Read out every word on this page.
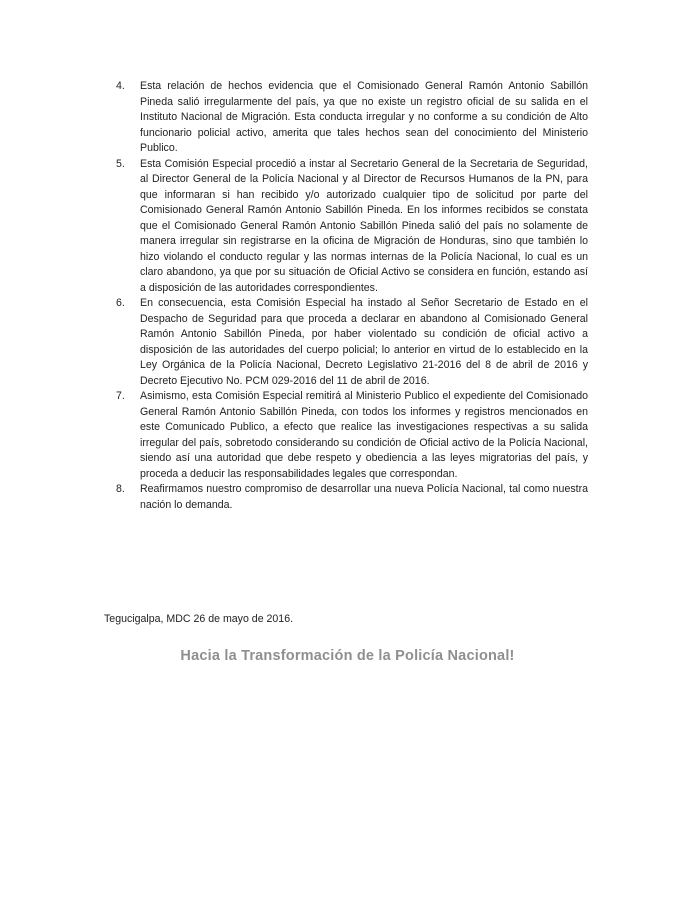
4.	Esta relación de hechos evidencia que el Comisionado General Ramón Antonio Sabillón Pineda salió irregularmente del país, ya que no existe un registro oficial de su salida en el Instituto Nacional de Migración. Esta conducta irregular y no conforme a su condición de Alto funcionario policial activo, amerita que tales hechos sean del conocimiento del Ministerio Publico.
5.	Esta Comisión Especial procedió a instar al Secretario General de la Secretaria de Seguridad, al Director General de la Policía Nacional y al Director de Recursos Humanos de la PN, para que informaran si han recibido y/o autorizado cualquier tipo de solicitud por parte del Comisionado General Ramón Antonio Sabillón Pineda. En los informes recibidos se constata que el Comisionado General Ramón Antonio Sabillón Pineda salió del país no solamente de manera irregular sin registrarse en la oficina de Migración de Honduras, sino que también lo hizo violando el conducto regular y las normas internas de la Policía Nacional, lo cual es un claro abandono, ya que por su situación de Oficial Activo se considera en función, estando así a disposición de las autoridades correspondientes.
6.	En consecuencia, esta Comisión Especial ha instado al Señor Secretario de Estado en el Despacho de Seguridad para que proceda a declarar en abandono al Comisionado General Ramón Antonio Sabillón Pineda, por haber violentado su condición de oficial activo a disposición de las autoridades del cuerpo policial; lo anterior en virtud de lo establecido en la Ley Orgánica de la Policía Nacional, Decreto Legislativo 21-2016 del 8 de abril de 2016 y Decreto Ejecutivo No. PCM 029-2016 del 11 de abril de 2016.
7.	Asimismo, esta Comisión Especial remitirá al Ministerio Publico el expediente del Comisionado General Ramón Antonio Sabillón Pineda, con todos los informes y registros mencionados en este Comunicado Publico, a efecto que realice las investigaciones respectivas a su salida irregular del país, sobretodo considerando su condición de Oficial activo de la Policía Nacional, siendo así una autoridad que debe respeto y obediencia a las leyes migratorias del país, y proceda a deducir las responsabilidades legales que correspondan.
8.	Reafirmamos nuestro compromiso de desarrollar una nueva Policía Nacional, tal como nuestra nación lo demanda.
Tegucigalpa, MDC 26 de mayo de 2016.
Hacia la Transformación de la Policía Nacional!
